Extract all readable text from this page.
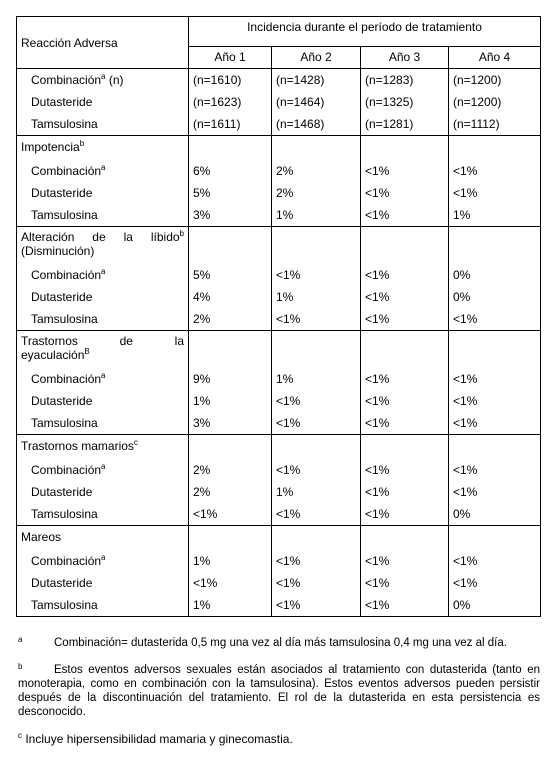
Reacción Adversa	Incidencia durante el período de tratamiento			
	Año 1	Año 2	Año 3	Año 4
Combinación$^a$ (n)	(n=1610)	(n=1428)	(n=1283)	(n=1200)
Dutasteride	(n=1623)	(n=1464)	(n=1325)	(n=1200)
Tamsulosina	(n=1611)	(n=1468)	(n=1281)	(n=1112)

Impotencia$^b$

Combinación$^a$	6%	2%	<1%	<1%
Dutasteride	5%	2%	<1%	<1%
Tamsulosina	3%	1%	<1%	1%

Alteración de la líbido$^b$
(Disminución)				

Combinación$^a$	5%	<1%	<1%	0%
Dutasteride	4%	1%	<1%	0%
Tamsulosina	2%	<1%	<1%	<1%

Trastornos de la
eyaculación$^B$

Combinación$^a$	9%	1%	<1%	<1%
Dutasteride	1%	<1%	<1%	<1%
Tamsulosina	3%	<1%	<1%	<1%

Trastornos mamarios$^c$

Combinación$^a$	2%	<1%	<1%	<1%
Dutasteride	2%	1%	<1%	<1%
Tamsulosina	<1%	<1%	<1%	0%

Mareos				

Combinación$^a$	1%	<1%	<1%	<1%
Dutasteride	<1%	<1%	<1%	<1%
Tamsulosina	1%	<1%	<1%	0%
a	Combinación= dutasterida 0,5 mg una vez al día más tamsulosina 0,4 mg una vez al día.
b	Estos eventos adversos sexuales están asociados al tratamiento con dutasterida (tanto en monoterapia, como en combinación con la tamsulosina). Estos eventos adversos pueden persistir después de la discontinuación del tratamiento. El rol de la dutasterida en esta persistencia es desconocido.
$^c$ Incluye hipersensibilidad mamaria y ginecomastia.
